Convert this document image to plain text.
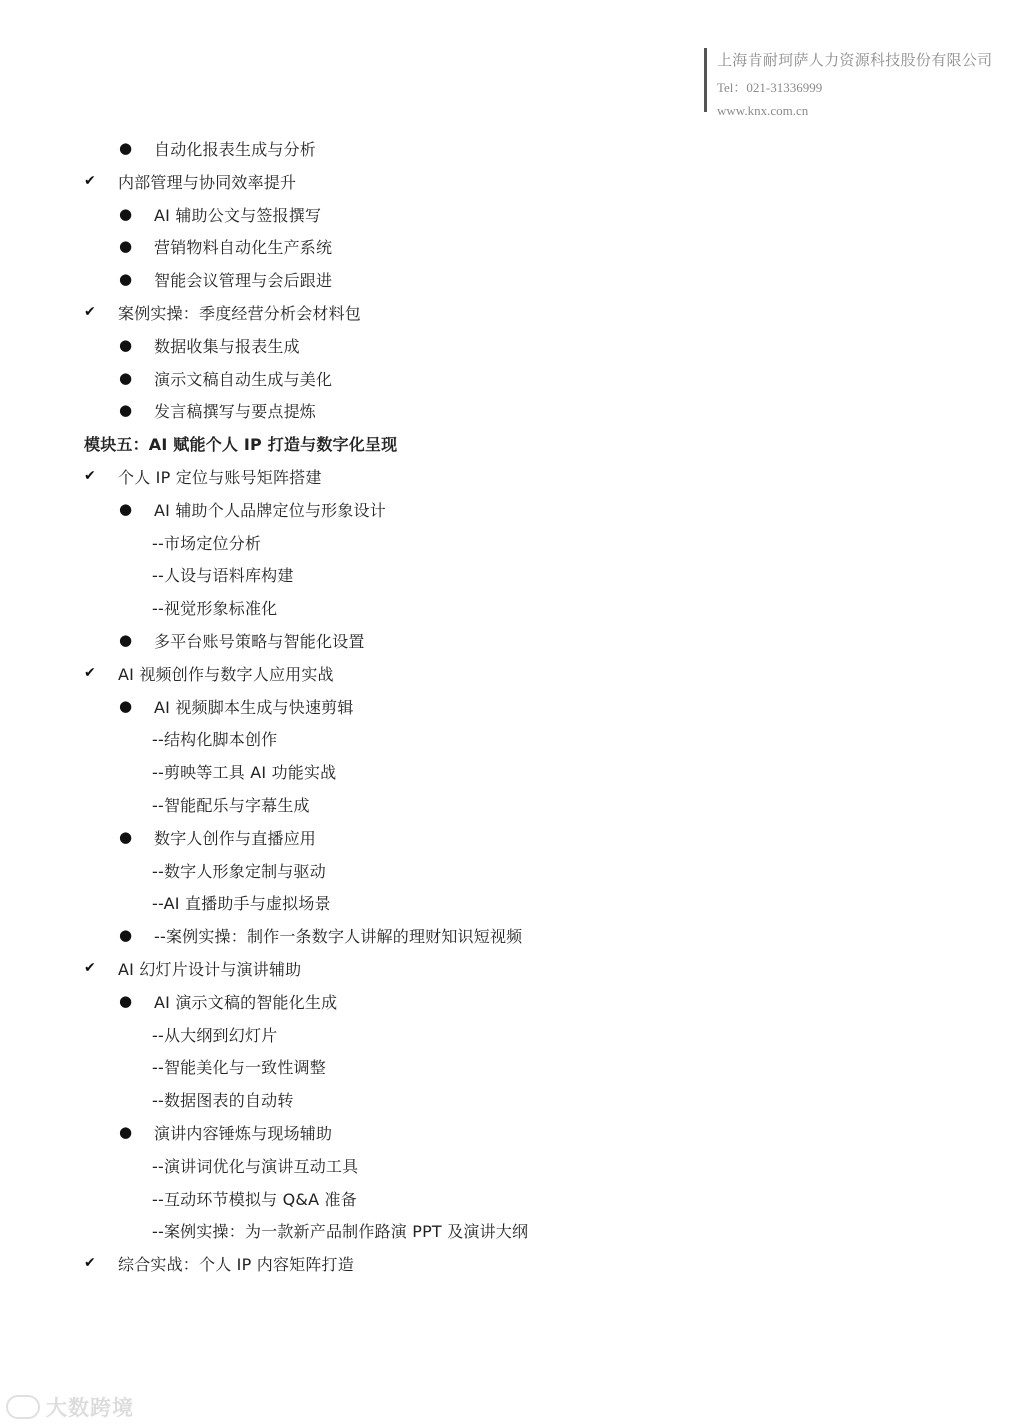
上海肯耐珂萨人力资源科技股份有限公司
Tel：021-31336999
www.knx.com.cn
●	自动化报表生成与分析
✔	内部管理与协同效率提升
●	AI 辅助公文与签报撰写
●	营销物料自动化生产系统
●	智能会议管理与会后跟进
✔	案例实操：季度经营分析会材料包
●	数据收集与报表生成
●	演示文稿自动生成与美化
●	发言稿撰写与要点提炼
模块五：AI 赋能个人 IP 打造与数字化呈现
✔	个人 IP 定位与账号矩阵搭建
●	AI 辅助个人品牌定位与形象设计
--市场定位分析
--人设与语料库构建
--视觉形象标准化
●	多平台账号策略与智能化设置
✔	AI 视频创作与数字人应用实战
●	AI 视频脚本生成与快速剪辑
--结构化脚本创作
--剪映等工具 AI 功能实战
--智能配乐与字幕生成
●	数字人创作与直播应用
--数字人形象定制与驱动
--AI 直播助手与虚拟场景
●	--案例实操：制作一条数字人讲解的理财知识短视频
✔	AI 幻灯片设计与演讲辅助
●	AI 演示文稿的智能化生成
--从大纲到幻灯片
--智能美化与一致性调整
--数据图表的自动转
●	演讲内容锤炼与现场辅助
--演讲词优化与演讲互动工具
--互动环节模拟与 Q&A 准备
--案例实操：为一款新产品制作路演 PPT 及演讲大纲
✔	综合实战：个人 IP 内容矩阵打造
大数跨境
